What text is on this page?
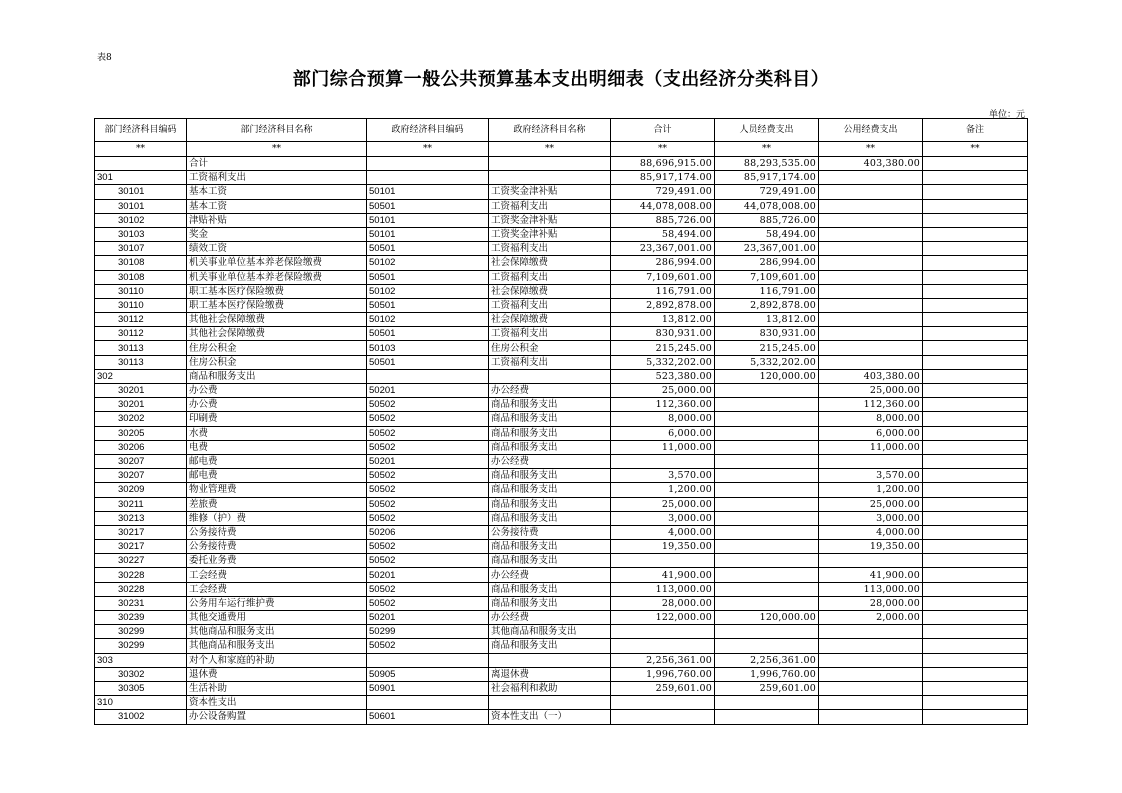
表8
部门综合预算一般公共预算基本支出明细表（支出经济分类科目）
单位：元
部门经济科目编码	部门经济科目名称	政府经济科目编码	政府经济科目名称	合计	人员经费支出	公用经费支出	备注
**	**	**	**	**	**	**	**
	合计			88,696,915.00	88,293,535.00	403,380.00	
301	工资福利支出			85,917,174.00	85,917,174.00		
30101	基本工资	50101	工资奖金津补贴	729,491.00	729,491.00		
30101	基本工资	50501	工资福利支出	44,078,008.00	44,078,008.00		
30102	津贴补贴	50101	工资奖金津补贴	885,726.00	885,726.00		
30103	奖金	50101	工资奖金津补贴	58,494.00	58,494.00		
30107	绩效工资	50501	工资福利支出	23,367,001.00	23,367,001.00		
30108	机关事业单位基本养老保险缴费	50102	社会保障缴费	286,994.00	286,994.00		
30108	机关事业单位基本养老保险缴费	50501	工资福利支出	7,109,601.00	7,109,601.00		
30110	职工基本医疗保险缴费	50102	社会保障缴费	116,791.00	116,791.00		
30110	职工基本医疗保险缴费	50501	工资福利支出	2,892,878.00	2,892,878.00		
30112	其他社会保障缴费	50102	社会保障缴费	13,812.00	13,812.00		
30112	其他社会保障缴费	50501	工资福利支出	830,931.00	830,931.00		
30113	住房公积金	50103	住房公积金	215,245.00	215,245.00		
30113	住房公积金	50501	工资福利支出	5,332,202.00	5,332,202.00		
302	商品和服务支出			523,380.00	120,000.00	403,380.00	
30201	办公费	50201	办公经费	25,000.00		25,000.00	
30201	办公费	50502	商品和服务支出	112,360.00		112,360.00	
30202	印刷费	50502	商品和服务支出	8,000.00		8,000.00	
30205	水费	50502	商品和服务支出	6,000.00		6,000.00	
30206	电费	50502	商品和服务支出	11,000.00		11,000.00	
30207	邮电费	50201	办公经费				
30207	邮电费	50502	商品和服务支出	3,570.00		3,570.00	
30209	物业管理费	50502	商品和服务支出	1,200.00		1,200.00	
30211	差旅费	50502	商品和服务支出	25,000.00		25,000.00	
30213	维修（护）费	50502	商品和服务支出	3,000.00		3,000.00	
30217	公务接待费	50206	公务接待费	4,000.00		4,000.00	
30217	公务接待费	50502	商品和服务支出	19,350.00		19,350.00	
30227	委托业务费	50502	商品和服务支出				
30228	工会经费	50201	办公经费	41,900.00		41,900.00	
30228	工会经费	50502	商品和服务支出	113,000.00		113,000.00	
30231	公务用车运行维护费	50502	商品和服务支出	28,000.00		28,000.00	
30239	其他交通费用	50201	办公经费	122,000.00	120,000.00	2,000.00	
30299	其他商品和服务支出	50299	其他商品和服务支出				
30299	其他商品和服务支出	50502	商品和服务支出				
303	对个人和家庭的补助			2,256,361.00	2,256,361.00		
30302	退休费	50905	离退休费	1,996,760.00	1,996,760.00		
30305	生活补助	50901	社会福利和救助	259,601.00	259,601.00		
310	资本性支出						
31002	办公设备购置	50601	资本性支出（一）				
